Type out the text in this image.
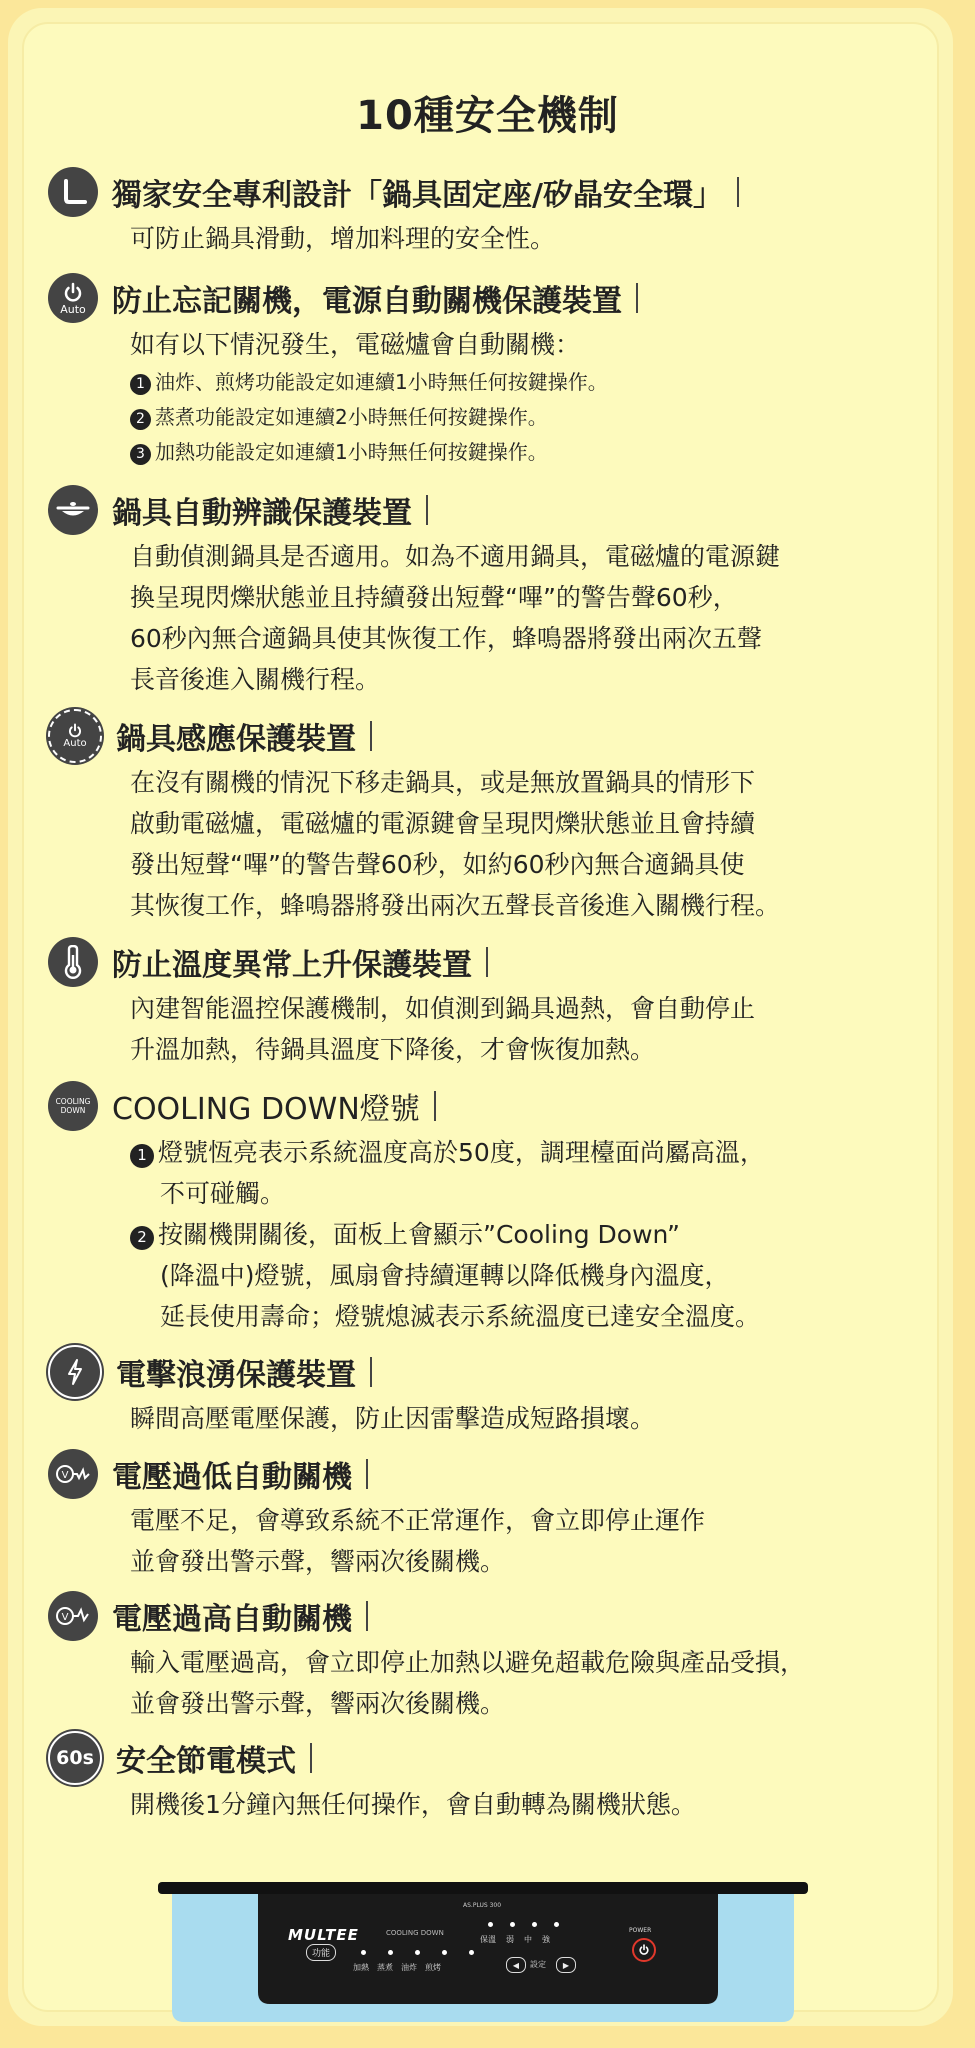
10種安全機制
獨家安全專利設計「鍋具固定座/矽晶安全環」

可防止鍋具滑動，增加料理的安全性。

Auto 防止忘記關機，電源自動關機保護裝置

如有以下情況發生，電磁爐會自動關機：

1 油炸、煎烤功能設定如連續1小時無任何按鍵操作。

2 蒸煮功能設定如連續2小時無任何按鍵操作。

3 加熱功能設定如連續1小時無任何按鍵操作。

鍋具自動辨識保護裝置

自動偵測鍋具是否適用。如為不適用鍋具，電磁爐的電源鍵

換呈現閃爍狀態並且持續發出短聲“嗶”的警告聲60秒，

60秒內無合適鍋具使其恢復工作，蜂鳴器將發出兩次五聲

長音後進入關機行程。

Auto 鍋具感應保護裝置

在沒有關機的情況下移走鍋具，或是無放置鍋具的情形下

啟動電磁爐，電磁爐的電源鍵會呈現閃爍狀態並且會持續

發出短聲“嗶”的警告聲60秒，如約60秒內無合適鍋具使

其恢復工作，蜂鳴器將發出兩次五聲長音後進入關機行程。

防止溫度異常上升保護裝置

內建智能溫控保護機制，如偵測到鍋具過熱，會自動停止

升溫加熱，待鍋具溫度下降後，才會恢復加熱。

COOLING
DOWN COOLING DOWN燈號

1 燈號恆亮表示系統溫度高於50度，調理檯面尚屬高溫，

不可碰觸。

2 按關機開關後，面板上會顯示”Cooling Down”

(降溫中)燈號，風扇會持續運轉以降低機身內溫度，

延長使用壽命；燈號熄滅表示系統溫度已達安全溫度。

電擊浪湧保護裝置

瞬間高壓電壓保護，防止因雷擊造成短路損壞。

V 電壓過低自動關機

電壓不足，會導致系統不正常運作，會立即停止運作

並會發出警示聲，響兩次後關機。

V 電壓過高自動關機

輸入電壓過高，會立即停止加熱以避免超載危險與產品受損，

並會發出警示聲，響兩次後關機。

60s 安全節電模式

開機後1分鐘內無任何操作，會自動轉為關機狀態。

MULTEE
AS.PLUS 300
COOLING DOWN
保溫 弱 中 強
POWER
功能
加熱 蒸煮 油炸 煎烤	◀	設定	▶
